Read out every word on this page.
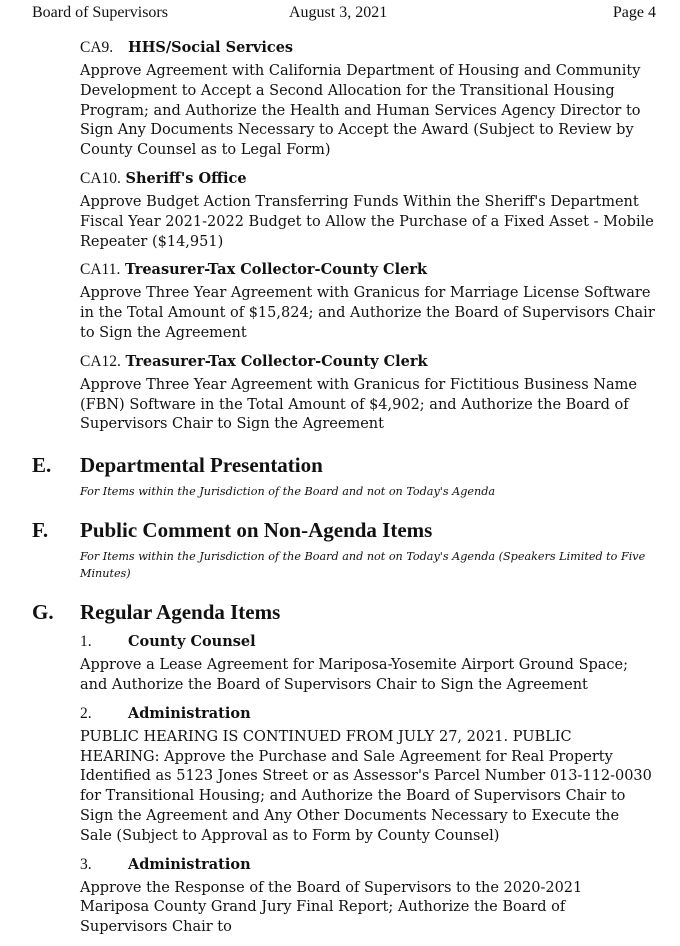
Board of Supervisors	August 3, 2021	Page 4
CA9. HHS/Social Services
Approve Agreement with California Department of Housing and Community Development to Accept a Second Allocation for the Transitional Housing Program; and Authorize the Health and Human Services Agency Director to Sign Any Documents Necessary to Accept the Award (Subject to Review by County Counsel as to Legal Form)
CA10. Sheriff's Office
Approve Budget Action Transferring Funds Within the Sheriff's Department Fiscal Year 2021-2022 Budget to Allow the Purchase of a Fixed Asset - Mobile Repeater ($14,951)
CA11. Treasurer-Tax Collector-County Clerk
Approve Three Year Agreement with Granicus for Marriage License Software in the Total Amount of $15,824; and Authorize the Board of Supervisors Chair to Sign the Agreement
CA12. Treasurer-Tax Collector-County Clerk
Approve Three Year Agreement with Granicus for Fictitious Business Name (FBN) Software in the Total Amount of $4,902; and Authorize the Board of Supervisors Chair to Sign the Agreement
E. Departmental Presentation
For Items within the Jurisdiction of the Board and not on Today's Agenda
F. Public Comment on Non-Agenda Items
For Items within the Jurisdiction of the Board and not on Today's Agenda (Speakers Limited to Five Minutes)
G. Regular Agenda Items
1.	County Counsel
Approve a Lease Agreement for Mariposa-Yosemite Airport Ground Space; and Authorize the Board of Supervisors Chair to Sign the Agreement
2.	Administration
PUBLIC HEARING IS CONTINUED FROM JULY 27, 2021. PUBLIC HEARING: Approve the Purchase and Sale Agreement for Real Property Identified as 5123 Jones Street or as Assessor's Parcel Number 013-112-0030 for Transitional Housing; and Authorize the Board of Supervisors Chair to Sign the Agreement and Any Other Documents Necessary to Execute the Sale (Subject to Approval as to Form by County Counsel)
3.	Administration
Approve the Response of the Board of Supervisors to the 2020-2021 Mariposa County Grand Jury Final Report; Authorize the Board of Supervisors Chair to
